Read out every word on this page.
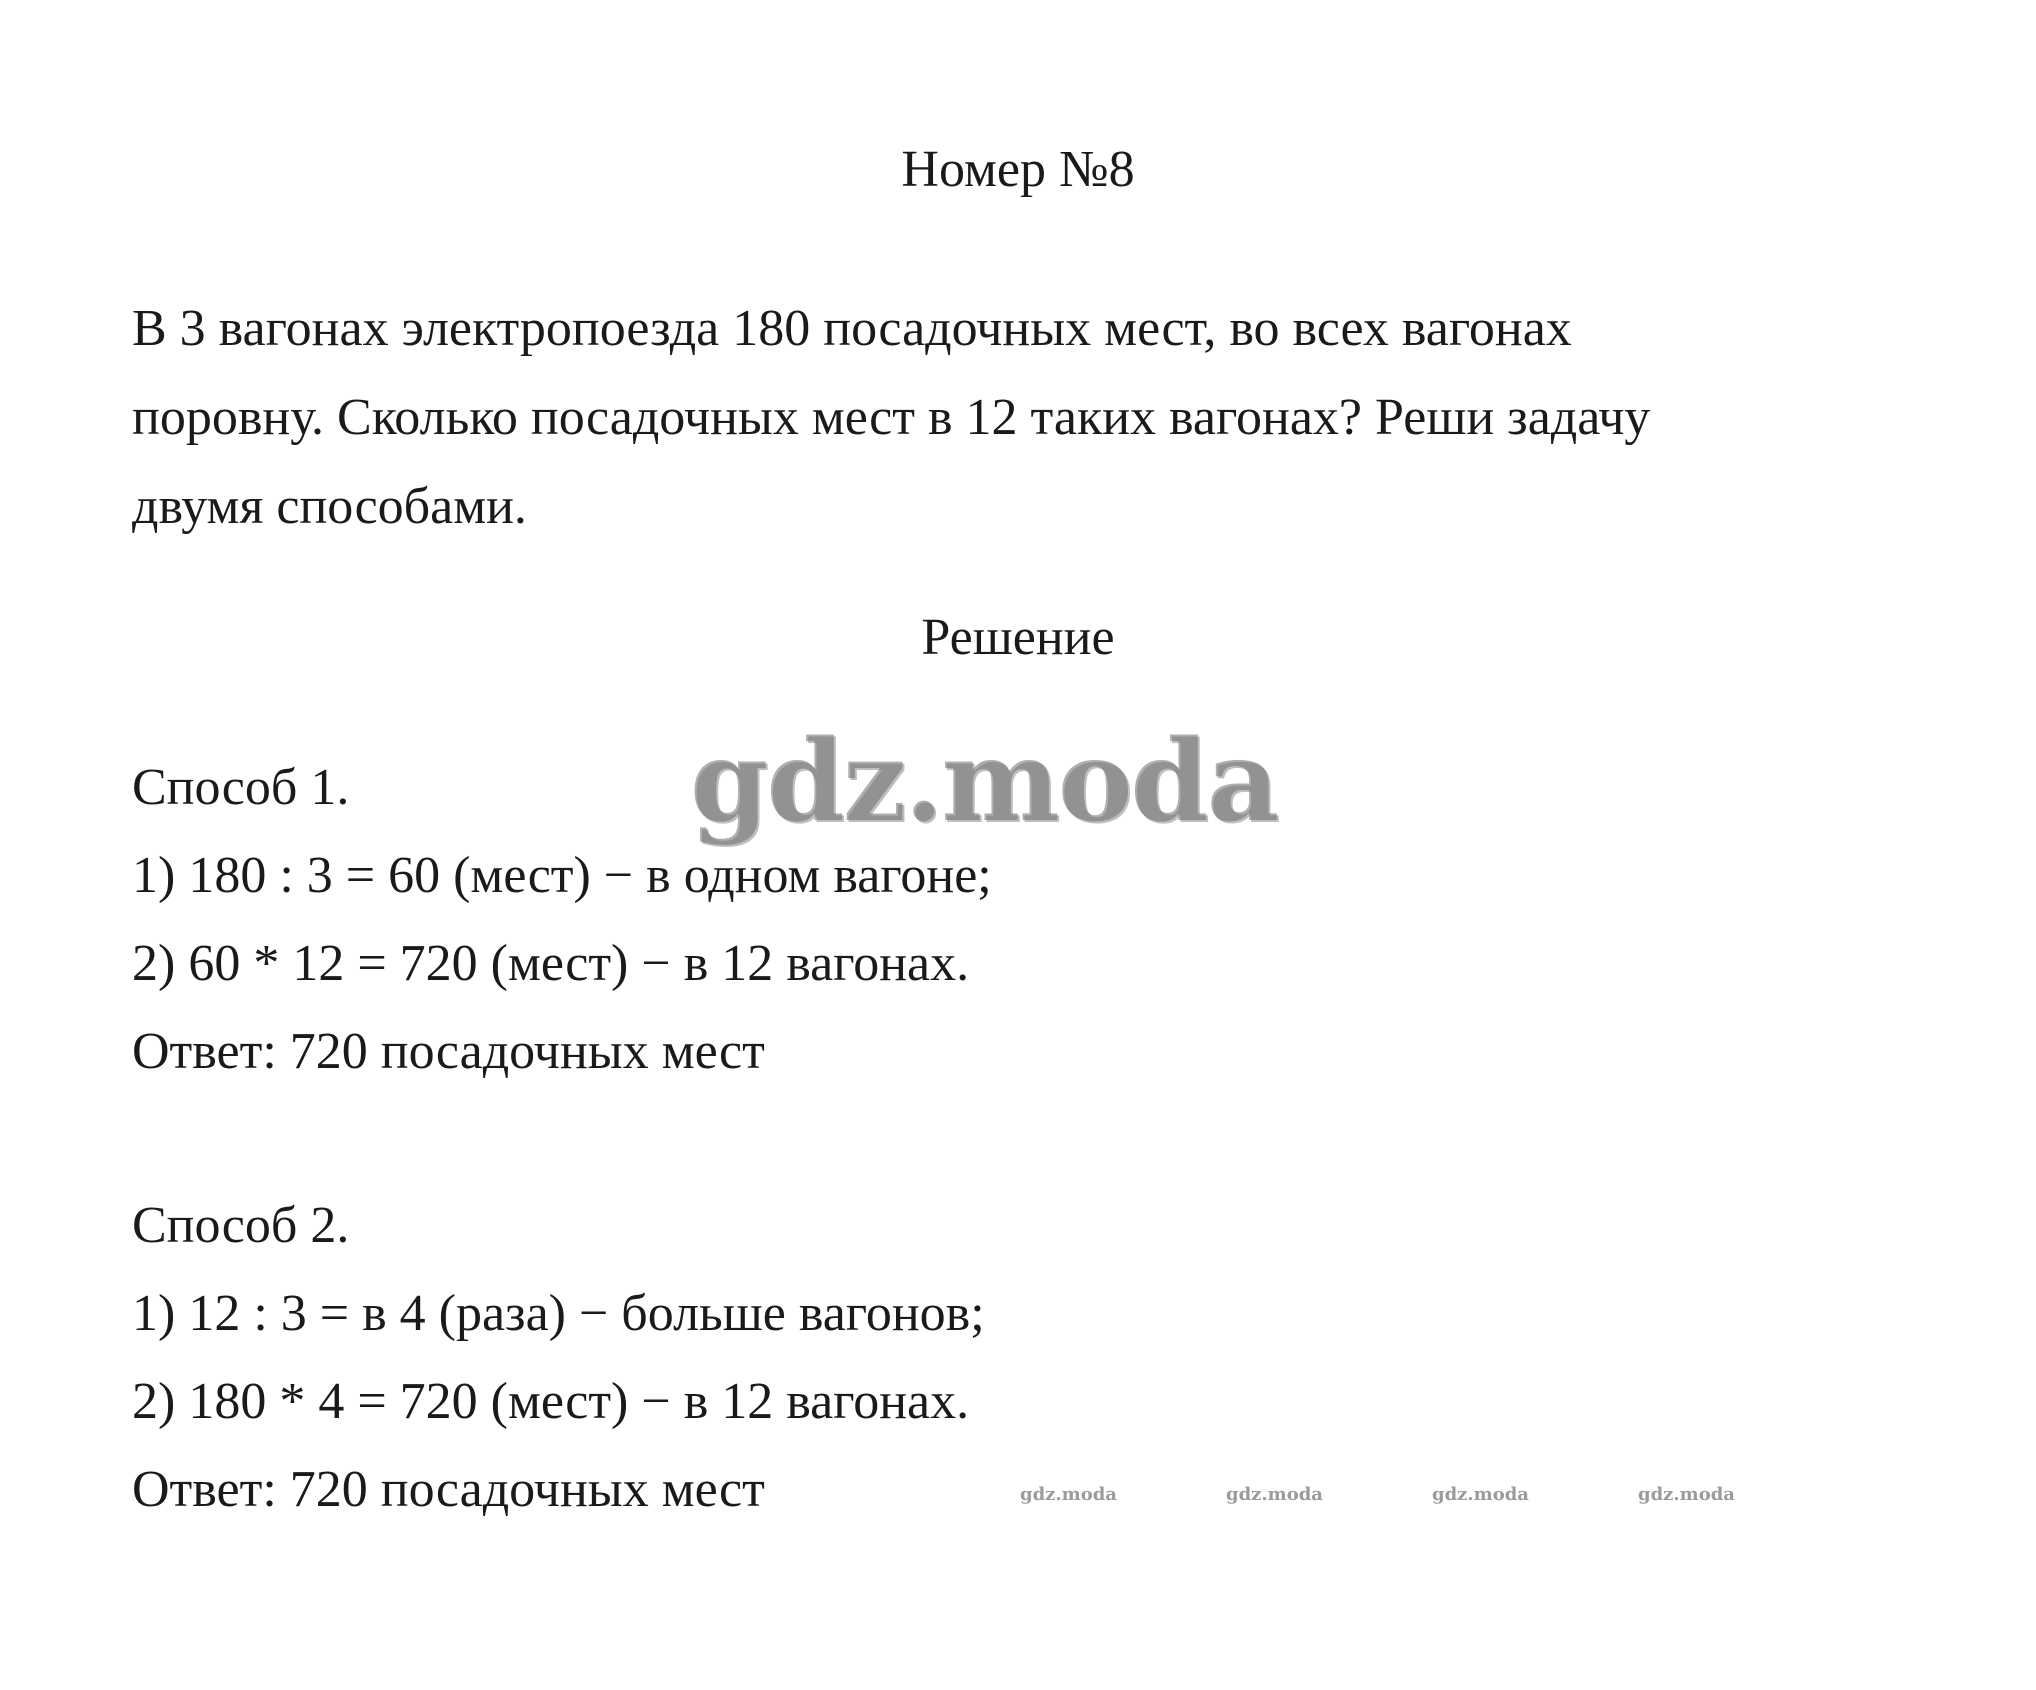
Номер №8
В 3 вагонах электропоезда 180 посадочных мест, во всех вагонах
поровну. Сколько посадочных мест в 12 таких вагонах? Реши задачу
двумя способами.
Решение
Способ 1.
1) 180 : 3 = 60 (мест) − в одном вагоне;
2) 60 * 12 = 720 (мест) − в 12 вагонах.
Ответ: 720 посадочных мест
Способ 2.
1) 12 : 3 = в 4 (раза) − больше вагонов;
2) 180 * 4 = 720 (мест) − в 12 вагонах.
Ответ: 720 посадочных мест
gdz.moda
gdz.moda	gdz.moda	gdz.moda	gdz.moda
